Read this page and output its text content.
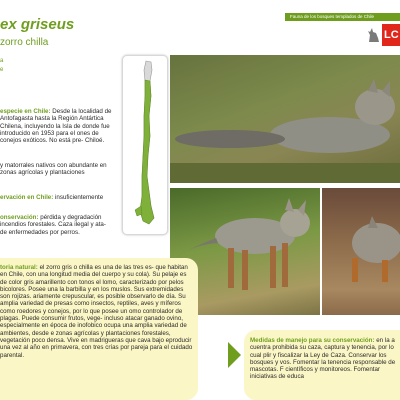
ex griseus
zorro chilla
a
e
Fauna de los bosques templados de Chile
LC
especie en Chile: Desde la localidad de Antofagasta hasta la Región Antártica Chilena, incluyendo la Isla de donde fue introducido en 1953 para el ones de conejos exóticos. No está pre- Chiloé.
y matorrales nativos con abundante en zonas agrícolas y plantaciones
ervación en Chile: insuficientemente
onservación: pérdida y degradación incendios forestales. Caza ilegal y ata- de enfermedades por perros.
toria natural: el zorro gris o chilla es una de las tres es- que habitan en Chile, con una longitud media del cuerpo y su cola). Su pelaje es de color gris amarillento con tonos el lomo, caracterizado por pelos bicolores. Posee una la barbilla y en los muslos. Sus extremidades son rojizas. ariamente crepuscular, es posible observarlo de día. Su amplia variedad de presas como insectos, reptiles, aves y míferos como roedores y conejos, por lo que posee un omo controlador de plagas. Puede consumir frutos, vege- incluso atacar ganado ovino, especialmente en época de inofobico ocupa una amplia variedad de ambientes, desde e zonas agrícolas y plantaciones forestales, vegetación poco densa. Vive en madrigueras que cava bajo eproducir una vez al año en primavera, con tres crías por pareja para el cuidado parental.
Medidas de manejo para su conservación: en la a cuentra prohibida su caza, captura y tenencia, por lo cual plir y fiscalizar la Ley de Caza. Conservar los bosques y vos. Fomentar la tenencia responsable de mascotas. F científicos y monitoreos. Fomentar iniciativas de educa
